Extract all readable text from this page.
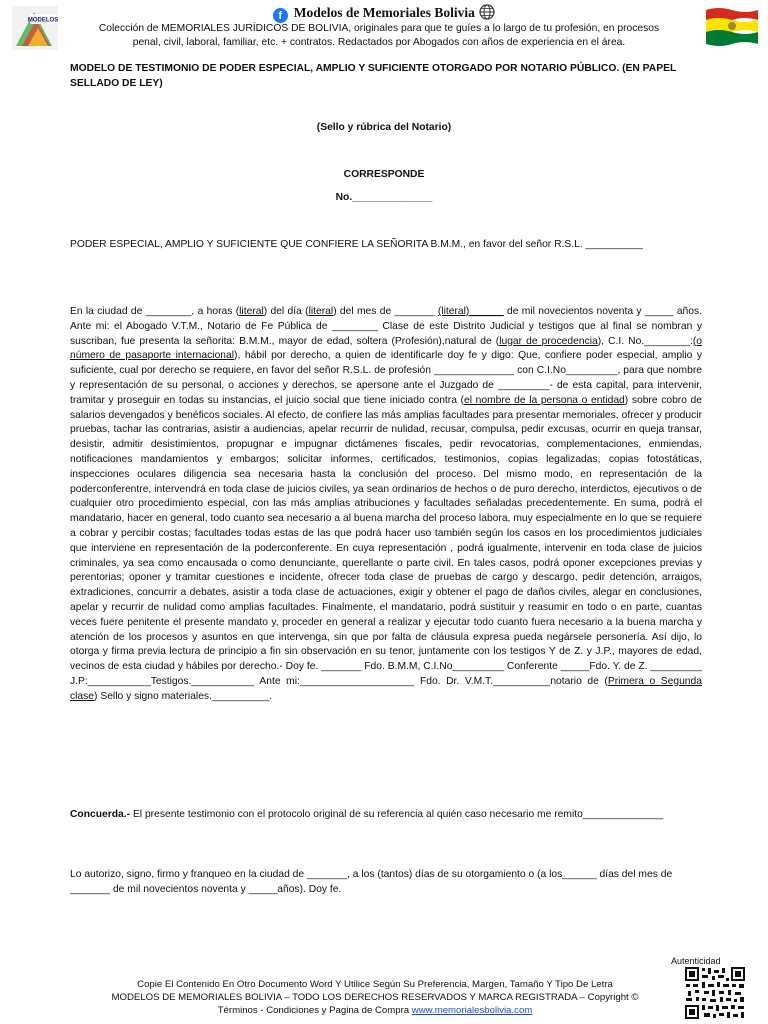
MODELOS	f Modelos de Memoriales Bolivia
Colección de MEMORIALES JURÍDICOS DE BOLIVIA, originales para que te guíes a lo largo de tu profesión, en procesos
penal, civil, laboral, familiar, etc. + contratos. Redactados por Abogados con años de experiencia en el área.
MODELO DE TESTIMONIO DE PODER ESPECIAL, AMPLIO Y SUFICIENTE OTORGADO POR NOTARIO PÚBLICO. (EN PAPEL SELLADO DE LEY)
(Sello y rúbrica del Notario)
CORRESPONDE
No.______________
PODER ESPECIAL, AMPLIO Y SUFICIENTE QUE CONFIERE LA SEÑORITA B.M.M., en favor del señor R.S.L. __________
En la ciudad de ________, a horas (literal) del día (literal) del mes de _______ (literal)______ de mil novecientos noventa y _____ años. Ante mi: el Abogado V.T.M., Notario de Fe Pública de ________ Clase de este Distrito Judicial y testigos que al final se nombran y suscriban, fue presenta la señorita: B.M.M., mayor de edad, soltera (Profesión),natural de (lugar de procedencia), C.I. No.________:(o número de pasaporte internacional), hábil por derecho, a quien de identificarle doy fe y digo: Que, confiere poder especial, amplio y suficiente, cual por derecho se requiere, en favor del señor R.S.L. de profesión ______________ con C.I.No_________, para que nombre y representación de su personal, o acciones y derechos, se apersone ante el Juzgado de _________- de esta capital, para intervenir, tramitar y proseguir en todas su instancias, el juicio social que tiene iniciado contra (el nombre de la persona o entidad) sobre cobro de salarios devengados y benéficos sociales. Al efecto, de confiere las más amplias facultades para presentar memoriales, ofrecer y producir pruebas, tachar las contrarias, asistir a audiencias, apelar recurrir de nulidad, recusar, compulsa, pedir excusas, ocurrir en queja transar, desistir, admitir desistimientos, propugnar e impugnar dictámenes fiscales, pedir revocatorias, complementaciones, enmiendas, notificaciones mandamientos y embargos; solicitar informes, certificados, testimonios, copias legalizadas, copias fotostáticas, inspecciones oculares diligencia sea necesaria hasta la conclusión del proceso. Del mismo modo, en representación de la poderconferentre, intervendrá en toda clase de juicios civiles, ya sean ordinarios de hechos o de puro derecho, interdictos, ejecutivos o de cualquier otro procedimiento especial, con las más amplias atribuciones y facultades señaladas precedentemente. En suma, podrá el mandatario, hacer en general, todo cuanto sea necesario a al buena marcha del proceso labora, muy especialmente en lo que se requiere a cobrar y percibir costas; facultades todas estas de las que podrá hacer uso también según los casos en los procedimientos judiciales que interviene en representación de la poderconferente. En cuya representación , podrá igualmente, intervenir en toda clase de juicios criminales, ya sea como encausada o como denunciante, querellante o parte civil. En tales casos, podrá oponer excepciones previas y perentorias; oponer y tramitar cuestiones e incidente, ofrecer toda clase de pruebas de cargo y descargo, pedir detención, arraigos, extradiciones, concurrir a debates, asistir a toda clase de actuaciones, exigir y obtener el pago de daños civiles, alegar en conclusiones, apelar y recurrir de nulidad como amplias facultades. Finalmente, el mandatario, podrá sustituir y reasumir en todo o en parte, cuantas veces fuere penitente el presente mandato y, proceder en general a realizar y ejecutar todo cuanto fuera necesario a la buena marcha y atención de los procesos y asuntos en que intervenga, sin que por falta de cláusula expresa pueda negársele personería. Así dijo, lo otorga y firma previa lectura de principio a fin sin observación en su tenor, juntamente con los testigos Y de Z. y J.P., mayores de edad, vecinos de esta ciudad y hábiles por derecho.- Doy fe. _______ Fdo. B.M.M, C.I.No_________ Conferente _____Fdo. Y. de Z. _________ J.P:___________Testigos.___________ Ante mi:____________________ Fdo. Dr. V.M.T.__________notario de (Primera o Segunda clase) Sello y signo materiales.__________.
Concuerda.- El presente testimonio con el protocolo original de su referencia al quién caso necesario me remito______________
Lo autorizo, signo, firmo y franqueo en la ciudad de _______, a los (tantos) días de su otorgamiento o (a los______ días del mes de _______ de mil novecientos noventa y _____años). Doy fe.
Copie El Contenido En Otro Documento Word Y Utilice Según Su Preferencia, Margen, Tamaño Y Tipo De Letra
MODELOS DE MEMORIALES BOLIVIA – TODO LOS DERECHOS RESERVADOS Y MARCA REGISTRADA – Copyright ©
Términos - Condiciones y Pagina de Compra www.memorialesbolivia.com
Autenticidad
